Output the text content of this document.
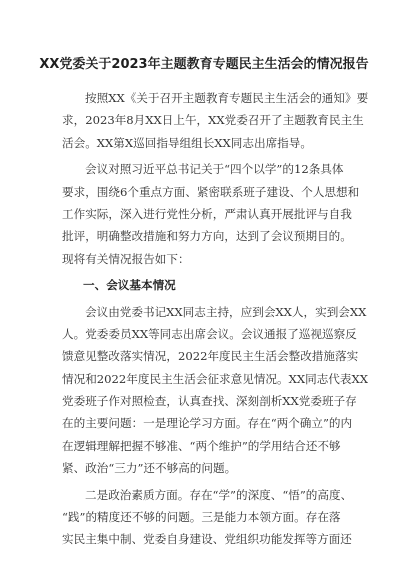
XX党委关于2023年主题教育专题民主生活会的情况报告
按照XX《关于召开主题教育专题民主生活会的通知》要
求，2023年8月XX日上午，XX党委召开了主题教育民主生
活会。XX第X巡回指导组组长XX同志出席指导。
会议对照习近平总书记关于“四个以学”的12条具体
要求，围绕6个重点方面、紧密联系班子建设、个人思想和
工作实际，深入进行党性分析，严肃认真开展批评与自我
批评，明确整改措施和努力方向，达到了会议预期目的。
现将有关情况报告如下：
一、会议基本情况
会议由党委书记XX同志主持，应到会XX人，实到会XX
人。党委委员XX等同志出席会议。会议通报了巡视巡察反
馈意见整改落实情况，2022年度民主生活会整改措施落实
情况和2022年度民主生活会征求意见情况。XX同志代表XX
党委班子作对照检查，认真查找、深刻剖析XX党委班子存
在的主要问题：一是理论学习方面。存在“两个确立”的内
在逻辑理解把握不够准、“两个维护”的学用结合还不够
紧、政治“三力”还不够高的问题。
二是政治素质方面。存在“学”的深度、“悟”的高度、
“践”的精度还不够的问题。三是能力本领方面。存在落
实民主集中制、党委自身建设、党组织功能发挥等方面还
